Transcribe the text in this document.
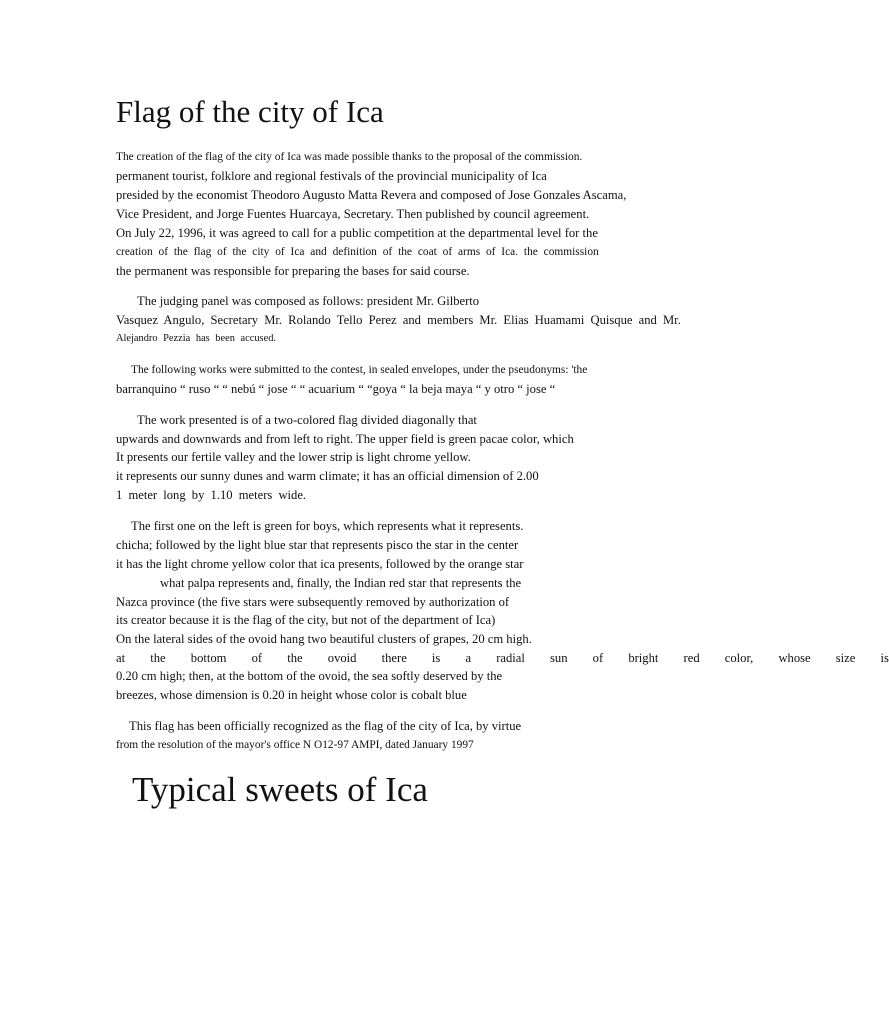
Flag of the city of Ica
The creation of the flag of the city of Ica was made possible thanks to the proposal of the commission.
permanent tourist, folklore and regional festivals of the provincial municipality of Ica
presided by the economist Theodoro Augusto Matta Revera and composed of Jose Gonzales Ascama,
Vice President, and Jorge Fuentes Huarcaya, Secretary. Then published by council agreement.
On July 22, 1996, it was agreed to call for a public competition at the departmental level for the
creation of the flag of the city of Ica and definition of the coat of arms of Ica. the commission
the permanent was responsible for preparing the bases for said course.
The judging panel was composed as follows: president Mr. Gilberto
Vasquez Angulo, Secretary Mr. Rolando Tello Perez and members Mr. Elias Huamami Quisque and Mr.
Alejandro Pezzia has been accused.
The following works were submitted to the contest, in sealed envelopes, under the pseudonyms: 'the
barranquino “ ruso “ “ nebú “ jose “ “ acuarium “ “goya “ la beja maya “ y otro “ jose “
The work presented is of a two-colored flag divided diagonally that
upwards and downwards and from left to right. The upper field is green pacae color, which
It presents our fertile valley and the lower strip is light chrome yellow.
it represents our sunny dunes and warm climate; it has an official dimension of 2.00
1 meter long by 1.10 meters wide.
The first one on the left is green for boys, which represents what it represents.
chicha; followed by the light blue star that represents pisco the star in the center
it has the light chrome yellow color that ica presents, followed by the orange star
what palpa represents and, finally, the Indian red star that represents the
Nazca province (the five stars were subsequently removed by authorization of
its creator because it is the flag of the city, but not of the department of Ica)
On the lateral sides of the ovoid hang two beautiful clusters of grapes, 20 cm high.
at the bottom of the ovoid there is a radial sun of bright red color, whose size is
0.20 cm high; then, at the bottom of the ovoid, the sea softly deserved by the
breezes, whose dimension is 0.20 in height whose color is cobalt blue
This flag has been officially recognized as the flag of the city of Ica, by virtue
from the resolution of the mayor's office N O12-97 AMPI, dated January 1997
Typical sweets of Ica
